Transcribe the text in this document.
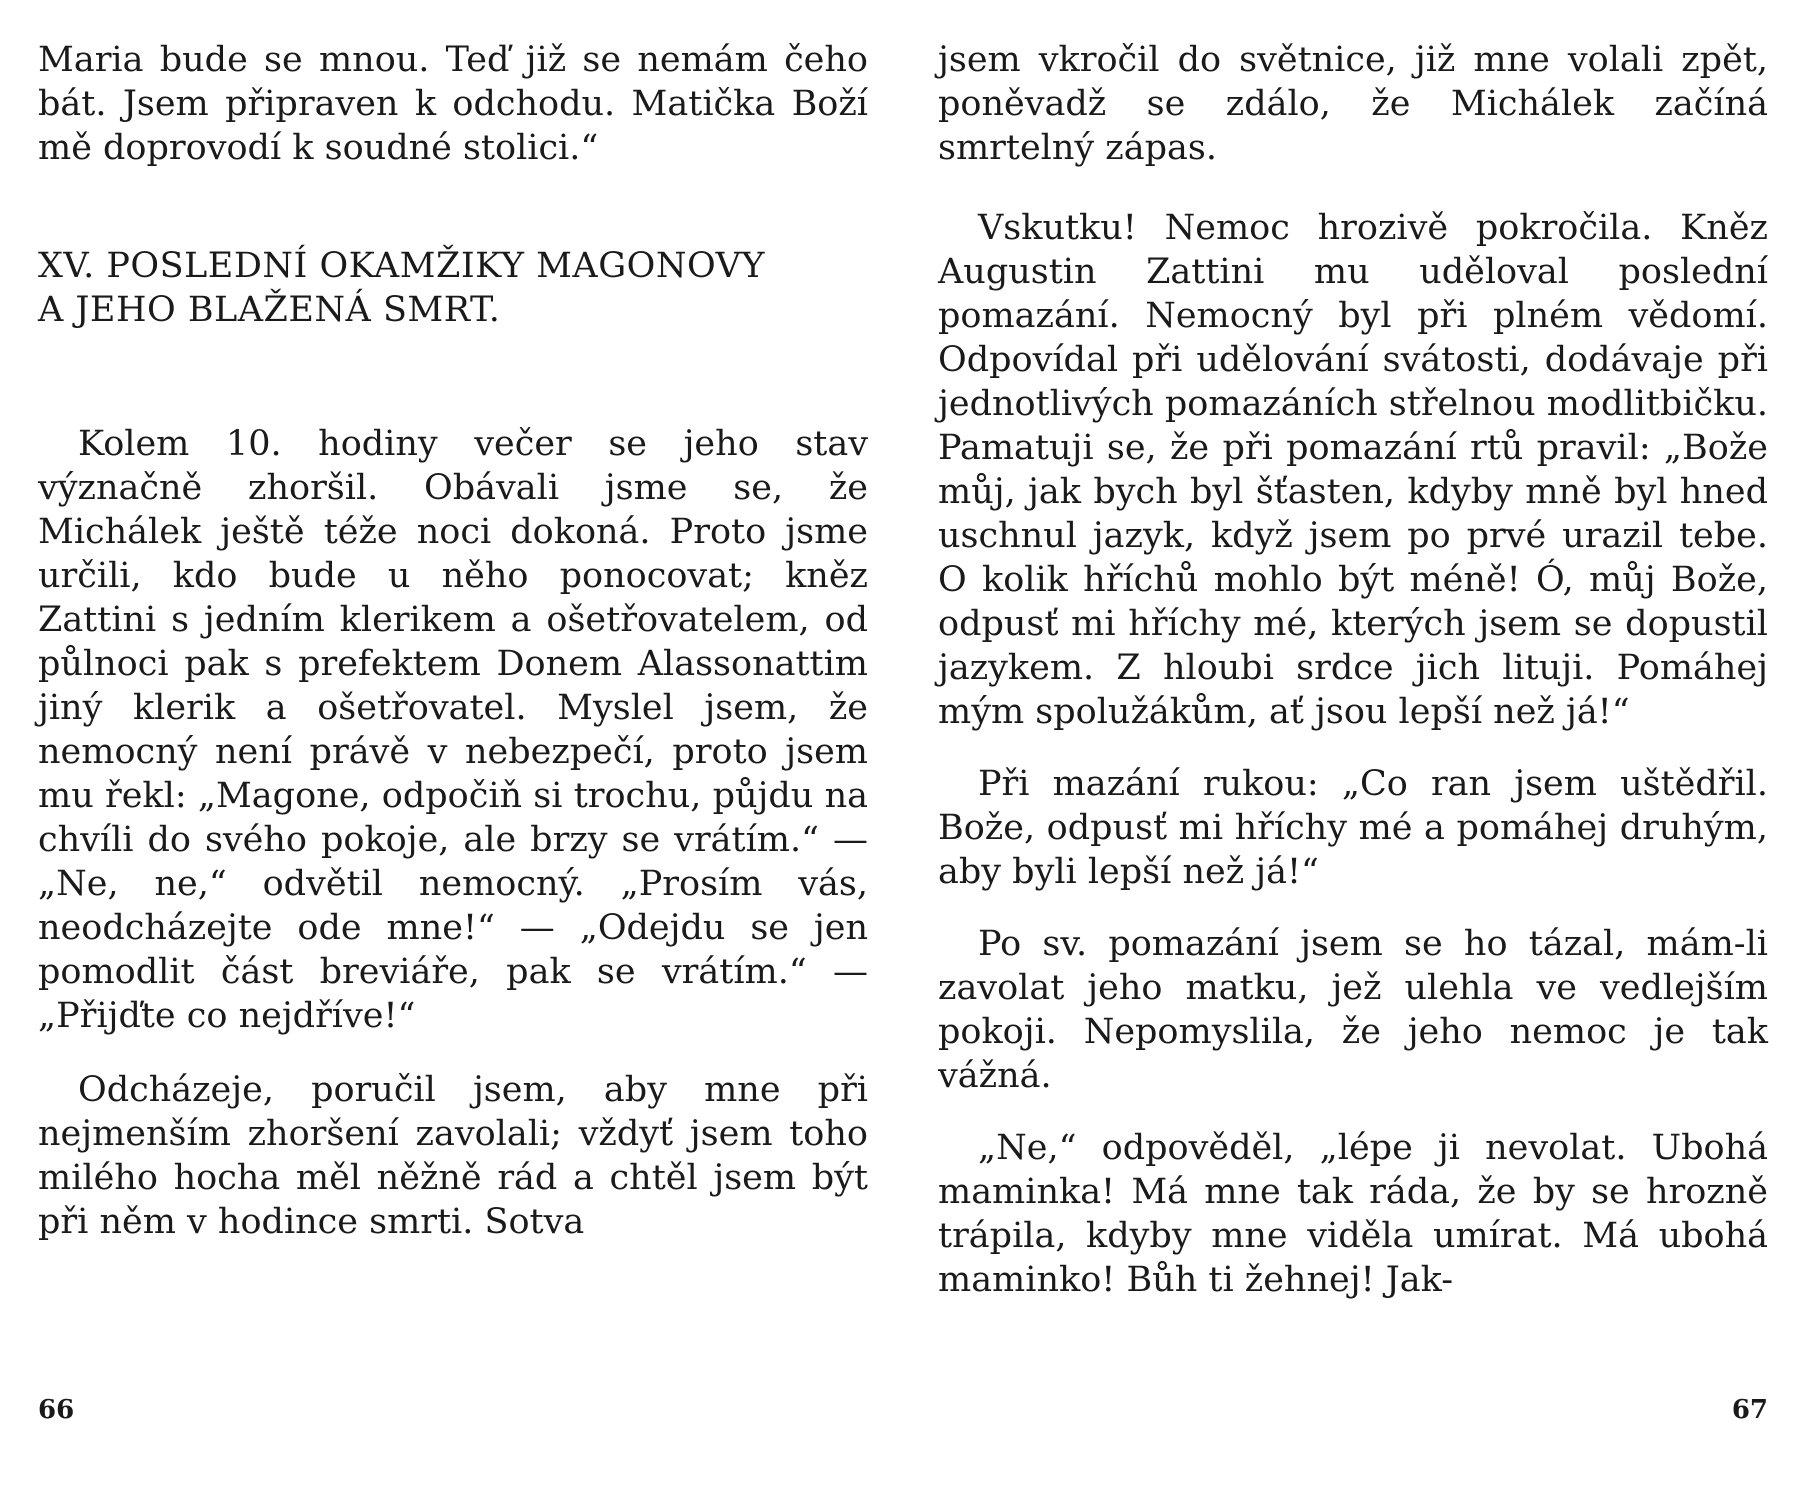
Maria bude se mnou. Teď již se nemám čeho bát. Jsem připraven k odchodu. Matička Boží mě doprovodí k soudné stolici.“

XV. POSLEDNÍ OKAMŽIKY MAGONOVY

A JEHO BLAŽENÁ SMRT.

Kolem 10. hodiny večer se jeho stav význačně zhoršil. Obávali jsme se, že Michálek ještě téže noci dokoná. Proto jsme určili, kdo bude u něho ponocovat; kněz Zattini s jedním klerikem a ošetřovatelem, od půlnoci pak s prefektem Donem Alassonattim jiný klerik a ošetřovatel. Myslel jsem, že nemocný není právě v nebezpečí, proto jsem mu řekl: „Magone, odpočiň si trochu, půjdu na chvíli do svého pokoje, ale brzy se vrátím.“ — „Ne, ne,“ odvětil nemocný. „Prosím vás, neodcházejte ode mne!“ — „Odejdu se jen pomodlit část breviáře, pak se vrátím.“ — „Přijďte co nejdříve!“

Odcházeje, poručil jsem, aby mne při nejmenším zhoršení zavolali; vždyť jsem toho milého hocha měl něžně rád a chtěl jsem být při něm v hodince smrti. Sotva

66

jsem vkročil do světnice, již mne volali zpět, poněvadž se zdálo, že Michálek začíná smrtelný zápas.

Vskutku! Nemoc hrozivě pokročila. Kněz Augustin Zattini mu uděloval poslední pomazání. Nemocný byl při plném vědomí. Odpovídal při udělování svátosti, dodávaje při jednotlivých pomazáních střelnou modlitbičku. Pamatuji se, že při pomazání rtů pravil: „Bože můj, jak bych byl šťasten, kdyby mně byl hned uschnul jazyk, když jsem po prvé urazil tebe. O kolik hříchů mohlo být méně! Ó, můj Bože, odpusť mi hříchy mé, kterých jsem se dopustil jazykem. Z hloubi srdce jich lituji. Pomáhej mým spolužákům, ať jsou lepší než já!“

Při mazání rukou: „Co ran jsem uštědřil. Bože, odpusť mi hříchy mé a pomáhej druhým, aby byli lepší než já!“

Po sv. pomazání jsem se ho tázal, mám-li zavolat jeho matku, jež ulehla ve vedlejším pokoji. Nepomyslila, že jeho nemoc je tak vážná.

„Ne,“ odpověděl, „lépe ji nevolat. Ubohá maminka! Má mne tak ráda, že by se hrozně trápila, kdyby mne viděla umírat. Má ubohá maminko! Bůh ti žehnej! Jak-

67
